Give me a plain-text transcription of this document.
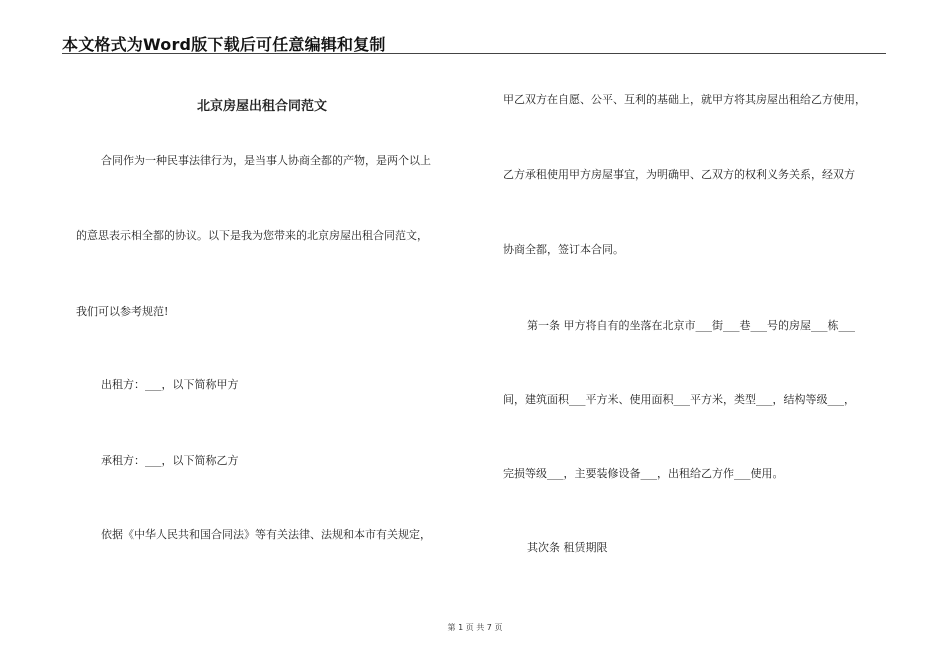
本文格式为Word版下载后可任意编辑和复制
北京房屋出租合同范文
合同作为一种民事法律行为，是当事人协商全都的产物，是两个以上
的意思表示相全都的协议。以下是我为您带来的北京房屋出租合同范文，
我们可以参考规范!
出租方：___，以下简称甲方
承租方：___，以下简称乙方
依据《中华人民共和国合同法》等有关法律、法规和本市有关规定，
甲乙双方在自愿、公平、互利的基础上，就甲方将其房屋出租给乙方使用，
乙方承租使用甲方房屋事宜，为明确甲、乙双方的权利义务关系，经双方
协商全都，签订本合同。
第一条 甲方将自有的坐落在北京市___街___巷___号的房屋___栋___
间，建筑面积___平方米、使用面积___平方米，类型___，结构等级___，
完损等级___，主要装修设备___，出租给乙方作___使用。
其次条 租赁期限
第 1 页 共 7 页
